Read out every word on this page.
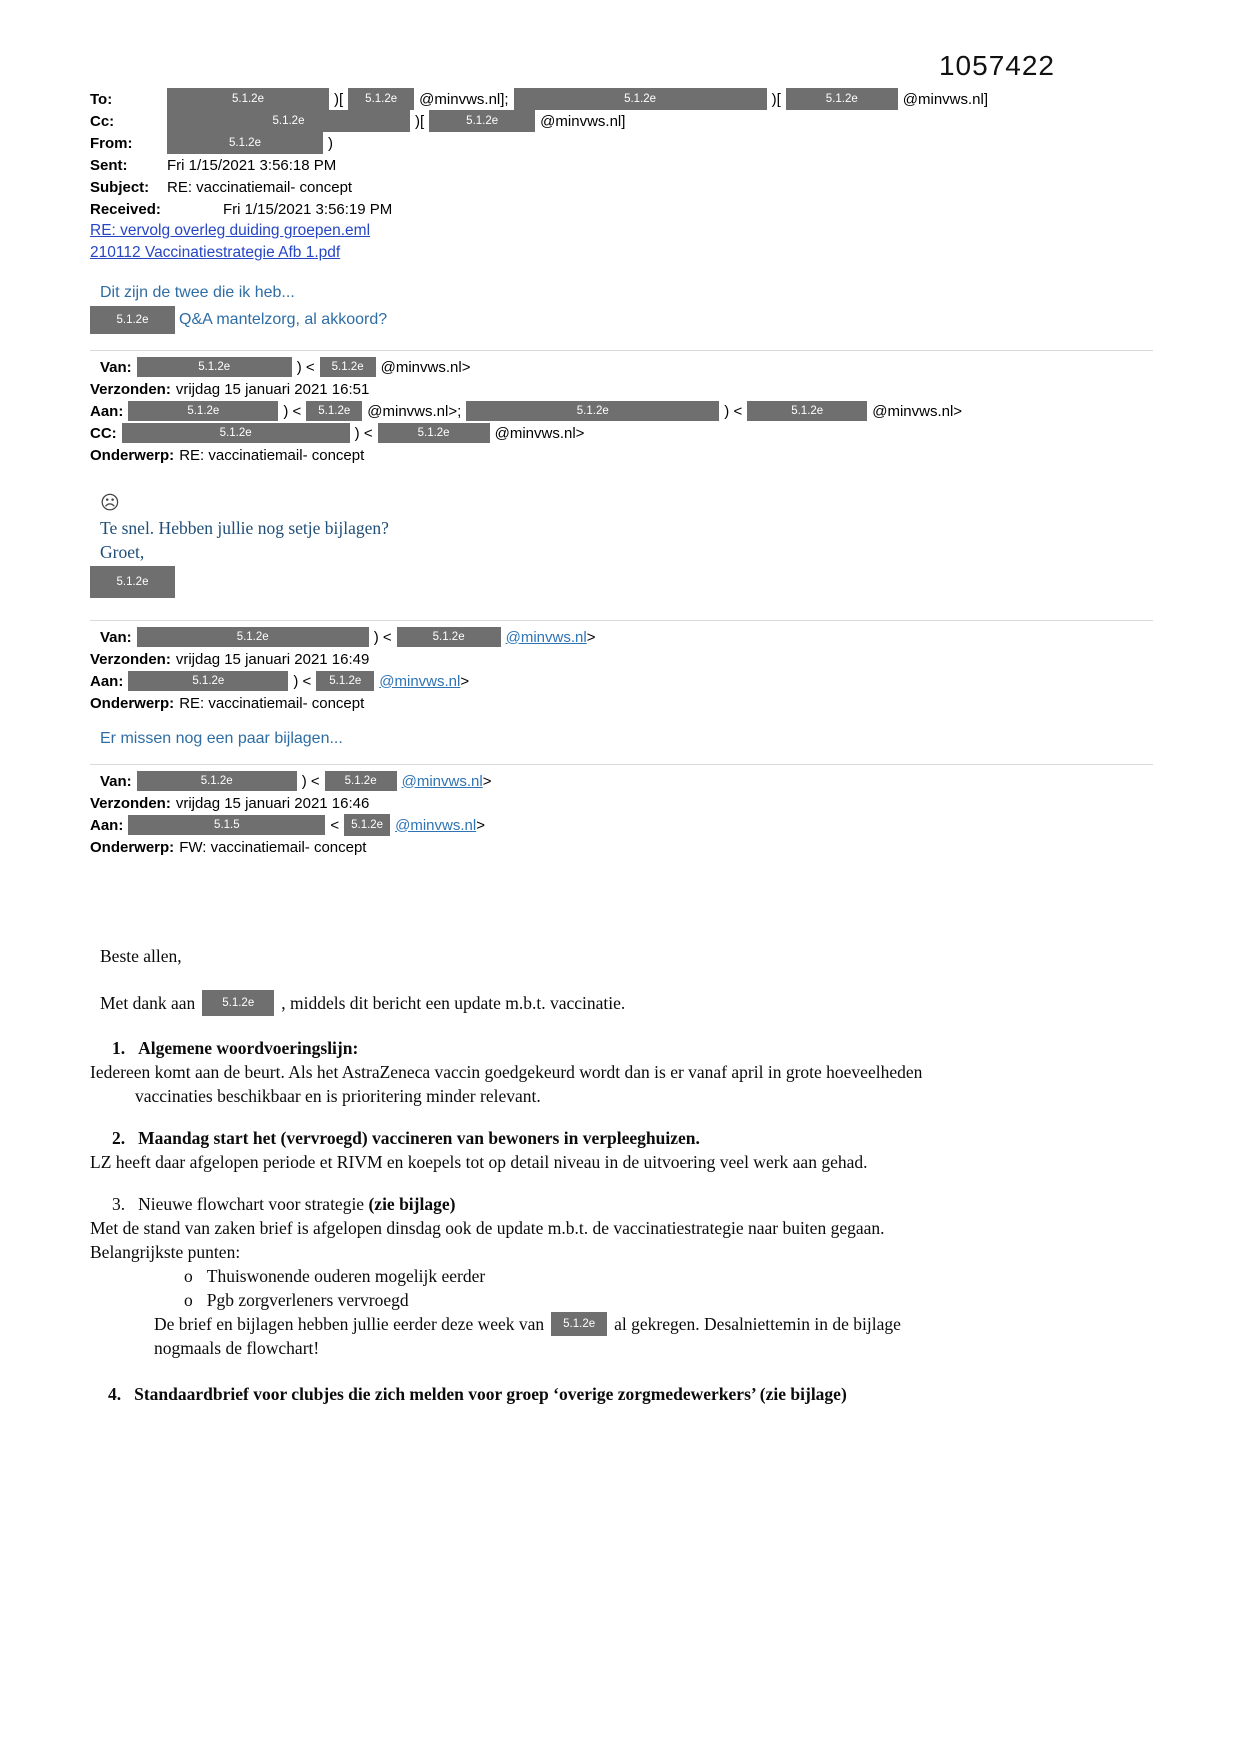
1057422
To:	5.1.2e	)[	5.1.2e	@minvws.nl];	5.1.2e	)[	5.1.2e	@minvws.nl]
Cc:	5.1.2e	)[	5.1.2e	@minvws.nl]
From:	5.1.2e	)
Sent:	Fri 1/15/2021 3:56:18 PM
Subject:	RE: vaccinatiemail- concept
Received:	Fri 1/15/2021 3:56:19 PM
RE: vervolg overleg duiding groepen.eml
210112 Vaccinatiestrategie Afb 1.pdf
Dit zijn de twee die ik heb...
5.1.2e	Q&A mantelzorg, al akkoord?
Van:	5.1.2e	) <	5.1.2e	@minvws.nl>
Verzonden: vrijdag 15 januari 2021 16:51
Aan:	5.1.2e	) <	5.1.2e	@minvws.nl>;	5.1.2e	) <	5.1.2e	@minvws.nl>
CC:	5.1.2e	) <	5.1.2e	@minvws.nl>
Onderwerp: RE: vaccinatiemail- concept
☹
Te snel. Hebben jullie nog setje bijlagen?
Groet,
5.1.2e
Van:	5.1.2e	) <	5.1.2e	@minvws.nl>
Verzonden: vrijdag 15 januari 2021 16:49
Aan:	5.1.2e	) <	5.1.2e	@minvws.nl>
Onderwerp: RE: vaccinatiemail- concept
Er missen nog een paar bijlagen...
Van:	5.1.2e	) <	5.1.2e	@minvws.nl>
Verzonden: vrijdag 15 januari 2021 16:46
Aan:	5.1.5	<	5.1.2e @minvws.nl>
Onderwerp: FW: vaccinatiemail- concept
Beste allen,
Met dank aan	5.1.2e	, middels dit bericht een update m.b.t. vaccinatie.
1. Algemene woordvoeringslijn:
Iedereen komt aan de beurt. Als het AstraZeneca vaccin goedgekeurd wordt dan is er vanaf april in grote hoeveelheden
vaccinaties beschikbaar en is prioritering minder relevant.
2. Maandag start het (vervroegd) vaccineren van bewoners in verpleeghuizen.
LZ heeft daar afgelopen periode et RIVM en koepels tot op detail niveau in de uitvoering veel werk aan gehad.
3. Nieuwe flowchart voor strategie (zie bijlage)
Met de stand van zaken brief is afgelopen dinsdag ook de update m.b.t. de vaccinatiestrategie naar buiten gegaan.
Belangrijkste punten:
o Thuiswonende ouderen mogelijk eerder
o Pgb zorgverleners vervroegd
De brief en bijlagen hebben jullie eerder deze week van	5.1.2e	al gekregen. Desalniettemin in de bijlage
nogmaals de flowchart!
4. Standaardbrief voor clubjes die zich melden voor groep ‘overige zorgmedewerkers’ (zie bijlage)
